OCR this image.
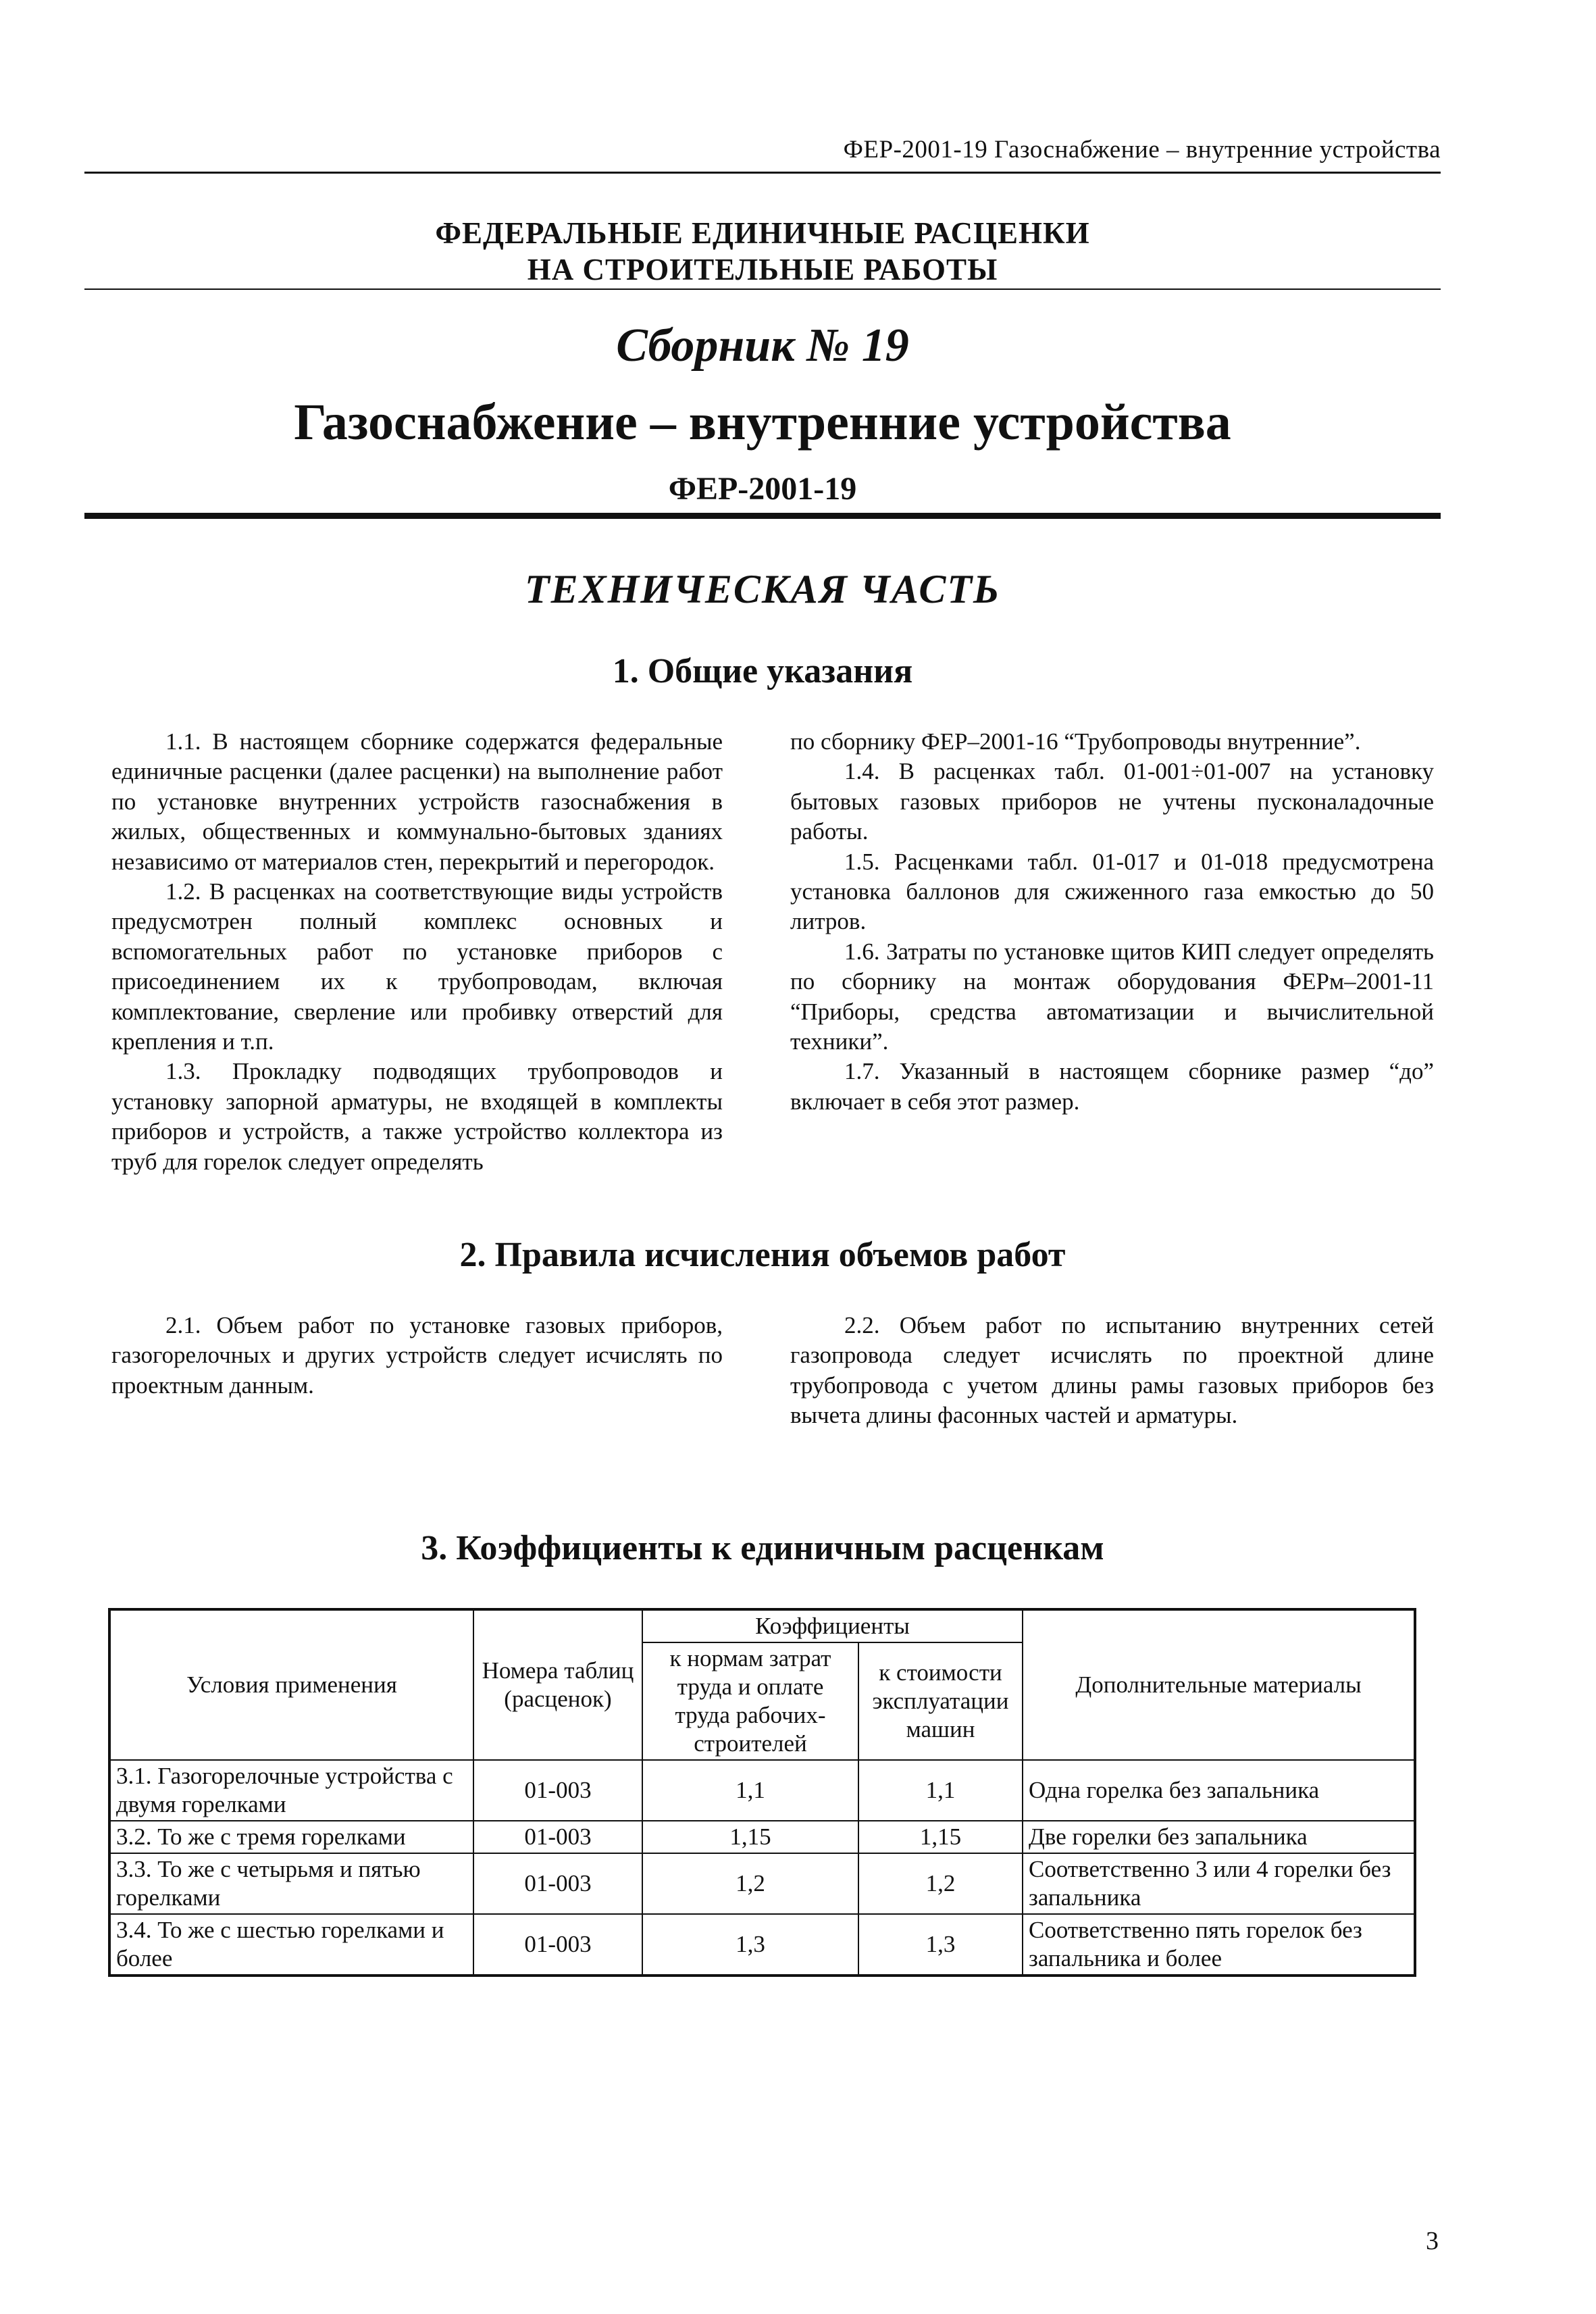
ФЕР-2001-19 Газоснабжение – внутренние устройства
ФЕДЕРАЛЬНЫЕ ЕДИНИЧНЫЕ РАСЦЕНКИ
НА СТРОИТЕЛЬНЫЕ РАБОТЫ
Сборник № 19
Газоснабжение – внутренние устройства
ФЕР-2001-19
ТЕХНИЧЕСКАЯ ЧАСТЬ
1. Общие указания

1.1. В настоящем сборнике содержатся федеральные единичные расценки (далее расценки) на выполнение работ по установке внутренних устройств газоснабжения в жилых, общественных и коммунально-бытовых зданиях независимо от материалов стен, перекрытий и перегородок.

1.2. В расценках на соответствующие виды устройств предусмотрен полный комплекс основных и вспомогательных работ по установке приборов с присоединением их к трубопроводам, включая комплектование, сверление или пробивку отверстий для крепления и т.п.

1.3. Прокладку подводящих трубопроводов и установку запорной арматуры, не входящей в комплекты приборов и устройств, а также устройство коллектора из труб для горелок следует определять

по сборнику ФЕР–2001-16 “Трубопроводы внутренние”.

1.4. В расценках табл. 01-001÷01-007 на установку бытовых газовых приборов не учтены пусконаладочные работы.

1.5. Расценками табл. 01-017 и 01-018 предусмотрена установка баллонов для сжиженного газа емкостью до 50 литров.

1.6. Затраты по установке щитов КИП следует определять по сборнику на монтаж оборудования ФЕРм–2001-11 “Приборы, средства автоматизации и вычислительной техники”.

1.7. Указанный в настоящем сборнике размер “до” включает в себя этот размер.

2. Правила исчисления объемов работ

2.1. Объем работ по установке газовых приборов, газогорелочных и других устройств следует исчислять по проектным данным.

2.2. Объем работ по испытанию внутренних сетей газопровода следует исчислять по проектной длине трубопровода с учетом длины рамы газовых приборов без вычета длины фасонных частей и арматуры.

3. Коэффициенты к единичным расценкам
Условия применения	Номера таблиц (расценок)	Коэффициенты		Дополнительные материалы
		к нормам затрат труда и оплате труда рабочих-строителей	к стоимости эксплуатации машин	
3.1. Газогорелочные устройства с двумя горелками	01-003	1,1	1,1	Одна горелка без запальника
3.2. То же с тремя горелками	01-003	1,15	1,15	Две горелки без запальника
3.3. То же с четырьмя и пятью горелками	01-003	1,2	1,2	Соответственно 3 или 4 горелки без запальника
3.4. То же с шестью горелками и более	01-003	1,3	1,3	Соответственно пять горелок без запальника и более
3
